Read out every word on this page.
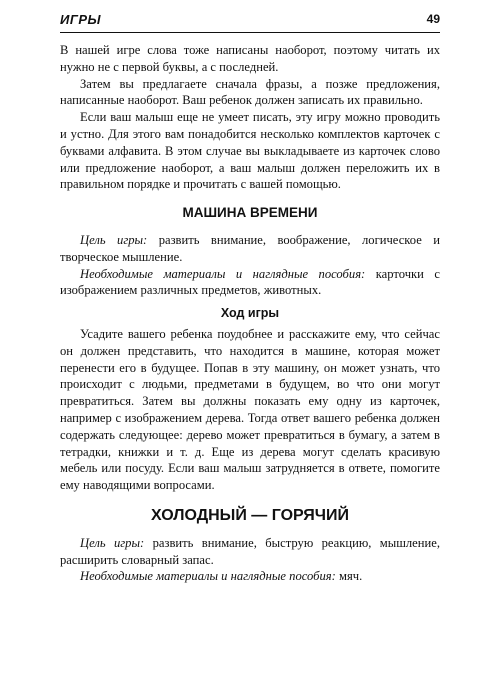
ИГРЫ	49

В нашей игре слова тоже написаны наоборот, поэтому читать их нужно не с первой буквы, а с последней.

Затем вы предлагаете сначала фразы, а позже предложения, написанные наоборот. Ваш ребенок должен записать их правильно.

Если ваш малыш еще не умеет писать, эту игру можно проводить и устно. Для этого вам понадобится несколько комплектов карточек с буквами алфавита. В этом случае вы выкладываете из карточек слово или предложение наоборот, а ваш малыш должен переложить их в правильном порядке и прочитать с вашей помощью.

МАШИНА ВРЕМЕНИ

Цель игры: развить внимание, воображение, логическое и творческое мышление.

Необходимые материалы и наглядные пособия: карточки с изображением различных предметов, животных.

Ход игры

Усадите вашего ребенка поудобнее и расскажите ему, что сейчас он должен представить, что находится в машине, которая может перенести его в будущее. Попав в эту машину, он может узнать, что происходит с людьми, предметами в будущем, во что они могут превратиться. Затем вы должны показать ему одну из карточек, например с изображением дерева. Тогда ответ вашего ребенка должен содержать следующее: дерево может превратиться в бумагу, а затем в тетрадки, книжки и т. д. Еще из дерева могут сделать красивую мебель или посуду. Если ваш малыш затрудняется в ответе, помогите ему наводящими вопросами.

ХОЛОДНЫЙ — ГОРЯЧИЙ

Цель игры: развить внимание, быструю реакцию, мышление, расширить словарный запас.

Необходимые материалы и наглядные пособия: мяч.
